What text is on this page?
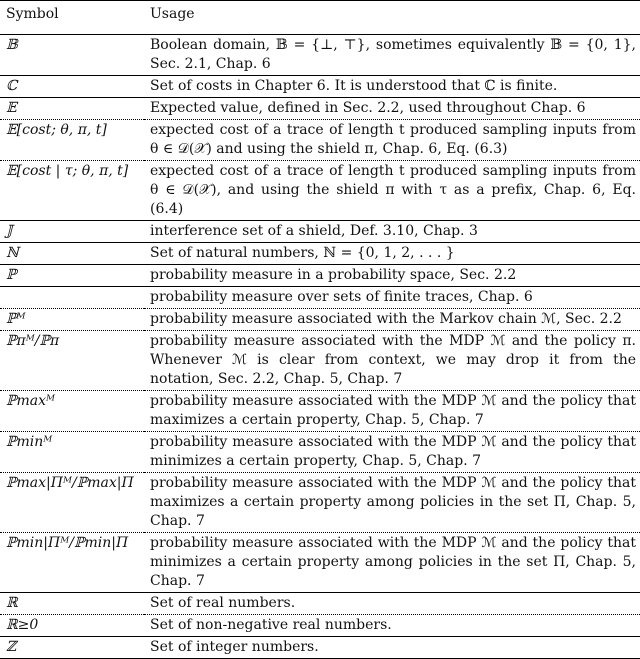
Symbol	Usage
𝔹	Boolean domain, 𝔹 = {⊥, ⊤}, sometimes equivalently 𝔹 = {0, 1}, Sec. 2.1, Chap. 6
ℂ	Set of costs in Chapter 6. It is understood that ℂ is finite.
𝔼	Expected value, defined in Sec. 2.2, used throughout Chap. 6
𝔼[cost; θ, π, t]	expected cost of a trace of length t produced sampling inputs from θ ∈ 𝒟(𝒳) and using the shield π, Chap. 6, Eq. (6.3)
𝔼[cost | τ; θ, π, t]	expected cost of a trace of length t produced sampling inputs from θ ∈ 𝒟(𝒳), and using the shield π with τ as a prefix, Chap. 6, Eq. (6.4)
𝕁	interference set of a shield, Def. 3.10, Chap. 3
ℕ	Set of natural numbers, ℕ = {0, 1, 2, . . . }
ℙ	probability measure in a probability space, Sec. 2.2
	probability measure over sets of finite traces, Chap. 6
ℙᴹ	probability measure associated with the Markov chain ℳ, Sec. 2.2
ℙπᴹ/ℙπ	probability measure associated with the MDP ℳ and the policy π. Whenever ℳ is clear from context, we may drop it from the notation, Sec. 2.2, Chap. 5, Chap. 7
ℙmaxᴹ	probability measure associated with the MDP ℳ and the policy that maximizes a certain property, Chap. 5, Chap. 7
ℙminᴹ	probability measure associated with the MDP ℳ and the policy that minimizes a certain property, Chap. 5, Chap. 7
ℙmax|Πᴹ/ℙmax|Π	probability measure associated with the MDP ℳ and the policy that maximizes a certain property among policies in the set Π, Chap. 5, Chap. 7
ℙmin|Πᴹ/ℙmin|Π	probability measure associated with the MDP ℳ and the policy that minimizes a certain property among policies in the set Π, Chap. 5, Chap. 7
ℝ	Set of real numbers.
ℝ≥0	Set of non-negative real numbers.
ℤ	Set of integer numbers.
